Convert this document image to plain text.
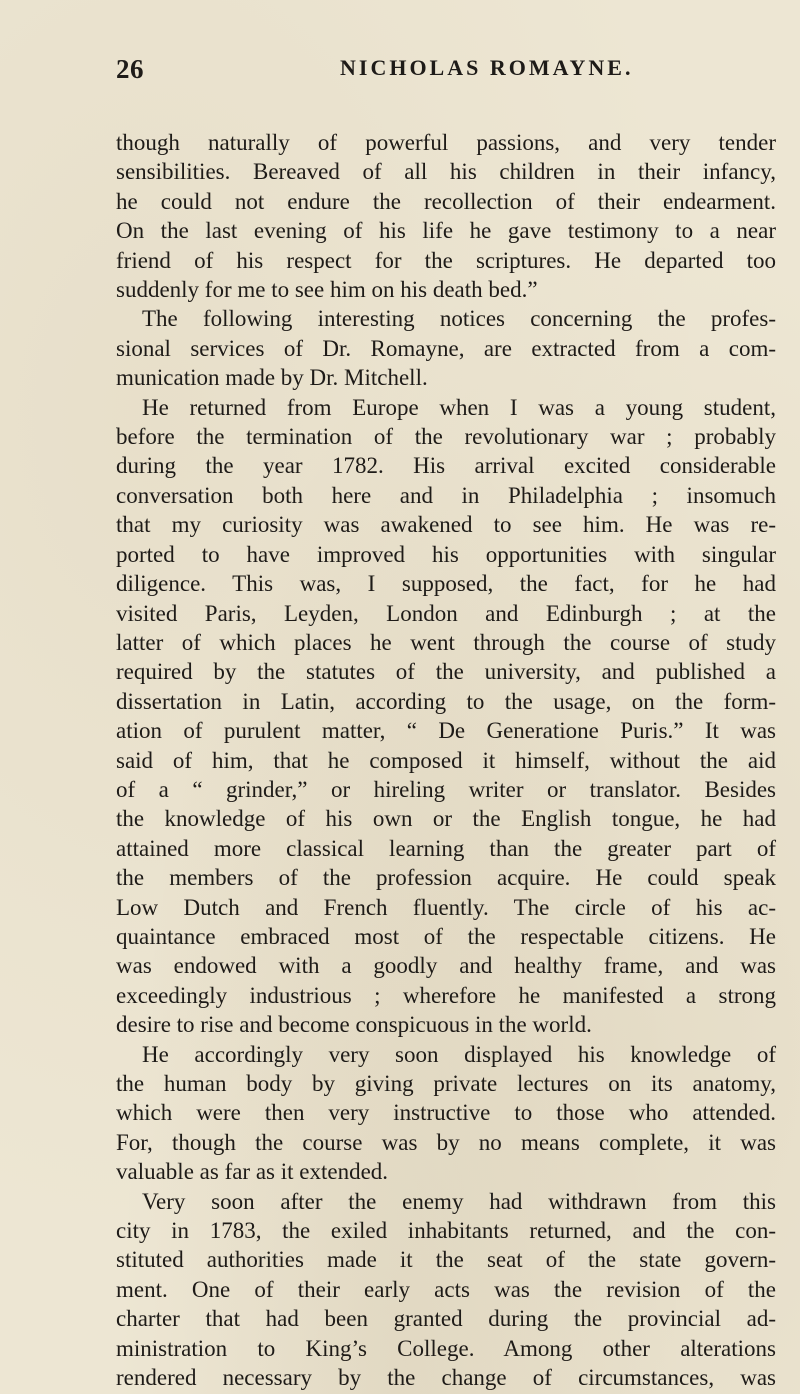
26	NICHOLAS ROMAYNE.
though naturally of powerful passions, and very tender
sensibilities. Bereaved of all his children in their infancy,
he could not endure the recollection of their endearment.
On the last evening of his life he gave testimony to a near
friend of his respect for the scriptures. He departed too
suddenly for me to see him on his death bed.”
The following interesting notices concerning the profes-
sional services of Dr. Romayne, are extracted from a com-
munication made by Dr. Mitchell.
He returned from Europe when I was a young student,
before the termination of the revolutionary war ; probably
during the year 1782. His arrival excited considerable
conversation both here and in Philadelphia ; insomuch
that my curiosity was awakened to see him. He was re-
ported to have improved his opportunities with singular
diligence. This was, I supposed, the fact, for he had
visited Paris, Leyden, London and Edinburgh ; at the
latter of which places he went through the course of study
required by the statutes of the university, and published a
dissertation in Latin, according to the usage, on the form-
ation of purulent matter, “ De Generatione Puris.” It was
said of him, that he composed it himself, without the aid
of a “ grinder,” or hireling writer or translator. Besides
the knowledge of his own or the English tongue, he had
attained more classical learning than the greater part of
the members of the profession acquire. He could speak
Low Dutch and French fluently. The circle of his ac-
quaintance embraced most of the respectable citizens. He
was endowed with a goodly and healthy frame, and was
exceedingly industrious ; wherefore he manifested a strong
desire to rise and become conspicuous in the world.
He accordingly very soon displayed his knowledge of
the human body by giving private lectures on its anatomy,
which were then very instructive to those who attended.
For, though the course was by no means complete, it was
valuable as far as it extended.
Very soon after the enemy had withdrawn from this
city in 1783, the exiled inhabitants returned, and the con-
stituted authorities made it the seat of the state govern-
ment. One of their early acts was the revision of the
charter that had been granted during the provincial ad-
ministration to King’s College. Among other alterations
rendered necessary by the change of circumstances, was
